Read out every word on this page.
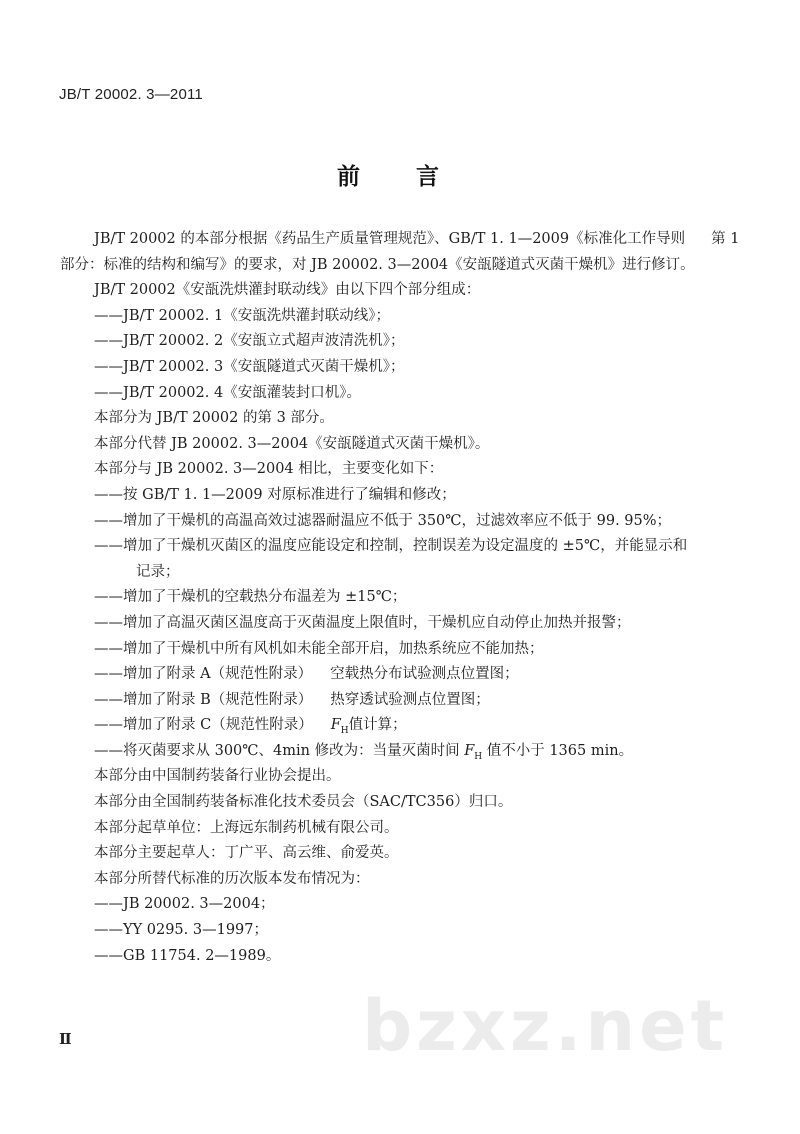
JB/T 20002. 3—2011
前 言
JB/T 20002 的本部分根据《药品生产质量管理规范》、GB/T 1. 1—2009《标准化工作导则 第 1
部分：标准的结构和编写》的要求，对 JB 20002. 3—2004《安瓿隧道式灭菌干燥机》进行修订。
JB/T 20002《安瓿洗烘灌封联动线》由以下四个部分组成：
——JB/T 20002. 1《安瓿洗烘灌封联动线》；
——JB/T 20002. 2《安瓿立式超声波清洗机》；
——JB/T 20002. 3《安瓿隧道式灭菌干燥机》；
——JB/T 20002. 4《安瓿灌装封口机》。
本部分为 JB/T 20002 的第 3 部分。
本部分代替 JB 20002. 3—2004《安瓿隧道式灭菌干燥机》。
本部分与 JB 20002. 3—2004 相比，主要变化如下：
——按 GB/T 1. 1—2009 对原标准进行了编辑和修改；
——增加了干燥机的高温高效过滤器耐温应不低于 350℃，过滤效率应不低于 99. 95%；
——增加了干燥机灭菌区的温度应能设定和控制，控制误差为设定温度的 ±5℃，并能显示和
记录；
——增加了干燥机的空载热分布温差为 ±15℃；
——增加了高温灭菌区温度高于灭菌温度上限值时，干燥机应自动停止加热并报警；
——增加了干燥机中所有风机如未能全部开启，加热系统应不能加热；
——增加了附录 A（规范性附录） 空载热分布试验测点位置图；
——增加了附录 B（规范性附录） 热穿透试验测点位置图；
——增加了附录 C（规范性附录） $F_H$值计算；
——将灭菌要求从 300℃、4min 修改为：当量灭菌时间 $F_H$ 值不小于 1365 min。
本部分由中国制药装备行业协会提出。
本部分由全国制药装备标准化技术委员会（SAC/TC356）归口。
本部分起草单位：上海远东制药机械有限公司。
本部分主要起草人：丁广平、高云维、俞爱英。
本部分所替代标准的历次版本发布情况为：
——JB 20002. 3—2004；
——YY 0295. 3—1997；
——GB 11754. 2—1989。
bzxz.net
Ⅱ
